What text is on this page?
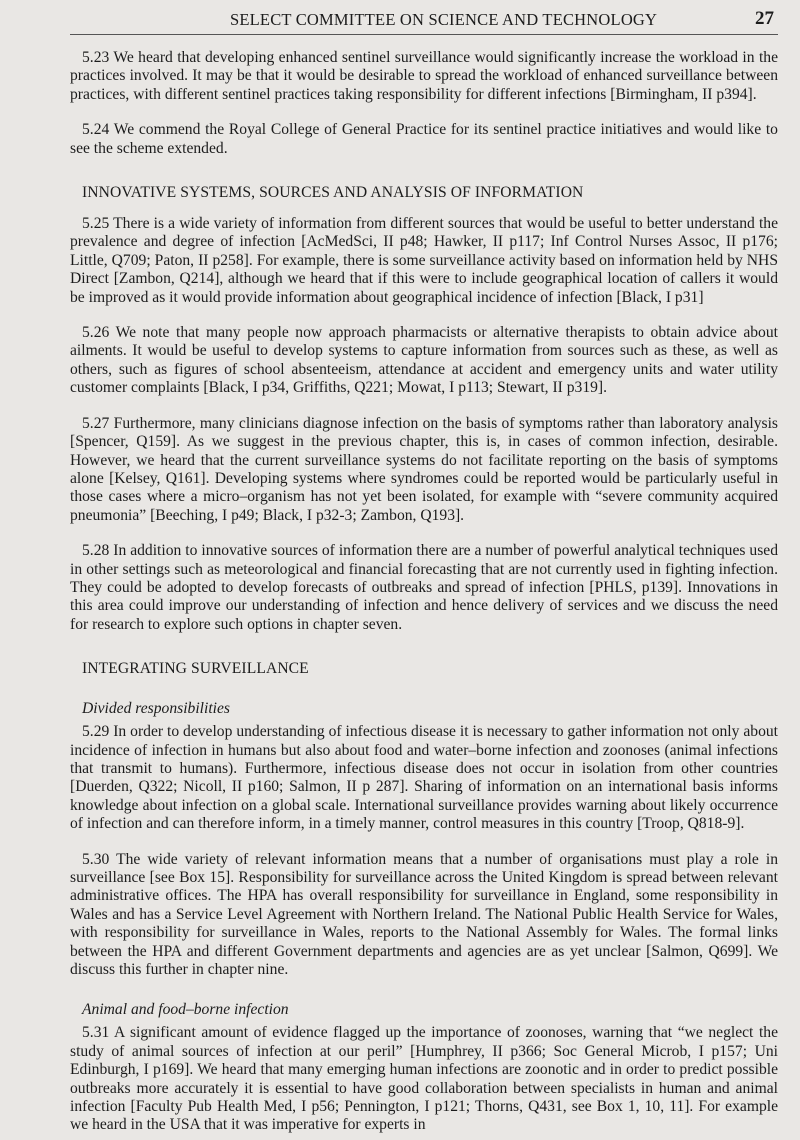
SELECT COMMITTEE ON SCIENCE AND TECHNOLOGY	27

5.23 We heard that developing enhanced sentinel surveillance would significantly increase the workload in the practices involved. It may be that it would be desirable to spread the workload of enhanced surveillance between practices, with different sentinel practices taking responsibility for different infections [Birmingham, II p394].

5.24 We commend the Royal College of General Practice for its sentinel practice initiatives and would like to see the scheme extended.

INNOVATIVE SYSTEMS, SOURCES AND ANALYSIS OF INFORMATION

5.25 There is a wide variety of information from different sources that would be useful to better understand the prevalence and degree of infection [AcMedSci, II p48; Hawker, II p117; Inf Control Nurses Assoc, II p176; Little, Q709; Paton, II p258]. For example, there is some surveillance activity based on information held by NHS Direct [Zambon, Q214], although we heard that if this were to include geographical location of callers it would be improved as it would provide information about geographical incidence of infection [Black, I p31]

5.26 We note that many people now approach pharmacists or alternative therapists to obtain advice about ailments. It would be useful to develop systems to capture information from sources such as these, as well as others, such as figures of school absenteeism, attendance at accident and emergency units and water utility customer complaints [Black, I p34, Griffiths, Q221; Mowat, I p113; Stewart, II p319].

5.27 Furthermore, many clinicians diagnose infection on the basis of symptoms rather than laboratory analysis [Spencer, Q159]. As we suggest in the previous chapter, this is, in cases of common infection, desirable. However, we heard that the current surveillance systems do not facilitate reporting on the basis of symptoms alone [Kelsey, Q161]. Developing systems where syndromes could be reported would be particularly useful in those cases where a micro–organism has not yet been isolated, for example with “severe community acquired pneumonia” [Beeching, I p49; Black, I p32-3; Zambon, Q193].

5.28 In addition to innovative sources of information there are a number of powerful analytical techniques used in other settings such as meteorological and financial forecasting that are not currently used in fighting infection. They could be adopted to develop forecasts of outbreaks and spread of infection [PHLS, p139]. Innovations in this area could improve our understanding of infection and hence delivery of services and we discuss the need for research to explore such options in chapter seven.

INTEGRATING SURVEILLANCE
Divided responsibilities

5.29 In order to develop understanding of infectious disease it is necessary to gather information not only about incidence of infection in humans but also about food and water–borne infection and zoonoses (animal infections that transmit to humans). Furthermore, infectious disease does not occur in isolation from other countries [Duerden, Q322; Nicoll, II p160; Salmon, II p 287]. Sharing of information on an international basis informs knowledge about infection on a global scale. International surveillance provides warning about likely occurrence of infection and can therefore inform, in a timely manner, control measures in this country [Troop, Q818-9].

5.30 The wide variety of relevant information means that a number of organisations must play a role in surveillance [see Box 15]. Responsibility for surveillance across the United Kingdom is spread between relevant administrative offices. The HPA has overall responsibility for surveillance in England, some responsibility in Wales and has a Service Level Agreement with Northern Ireland. The National Public Health Service for Wales, with responsibility for surveillance in Wales, reports to the National Assembly for Wales. The formal links between the HPA and different Government departments and agencies are as yet unclear [Salmon, Q699]. We discuss this further in chapter nine.

Animal and food–borne infection

5.31 A significant amount of evidence flagged up the importance of zoonoses, warning that “we neglect the study of animal sources of infection at our peril” [Humphrey, II p366; Soc General Microb, I p157; Uni Edinburgh, I p169]. We heard that many emerging human infections are zoonotic and in order to predict possible outbreaks more accurately it is essential to have good collaboration between specialists in human and animal infection [Faculty Pub Health Med, I p56; Pennington, I p121; Thorns, Q431, see Box 1, 10, 11]. For example we heard in the USA that it was imperative for experts in
